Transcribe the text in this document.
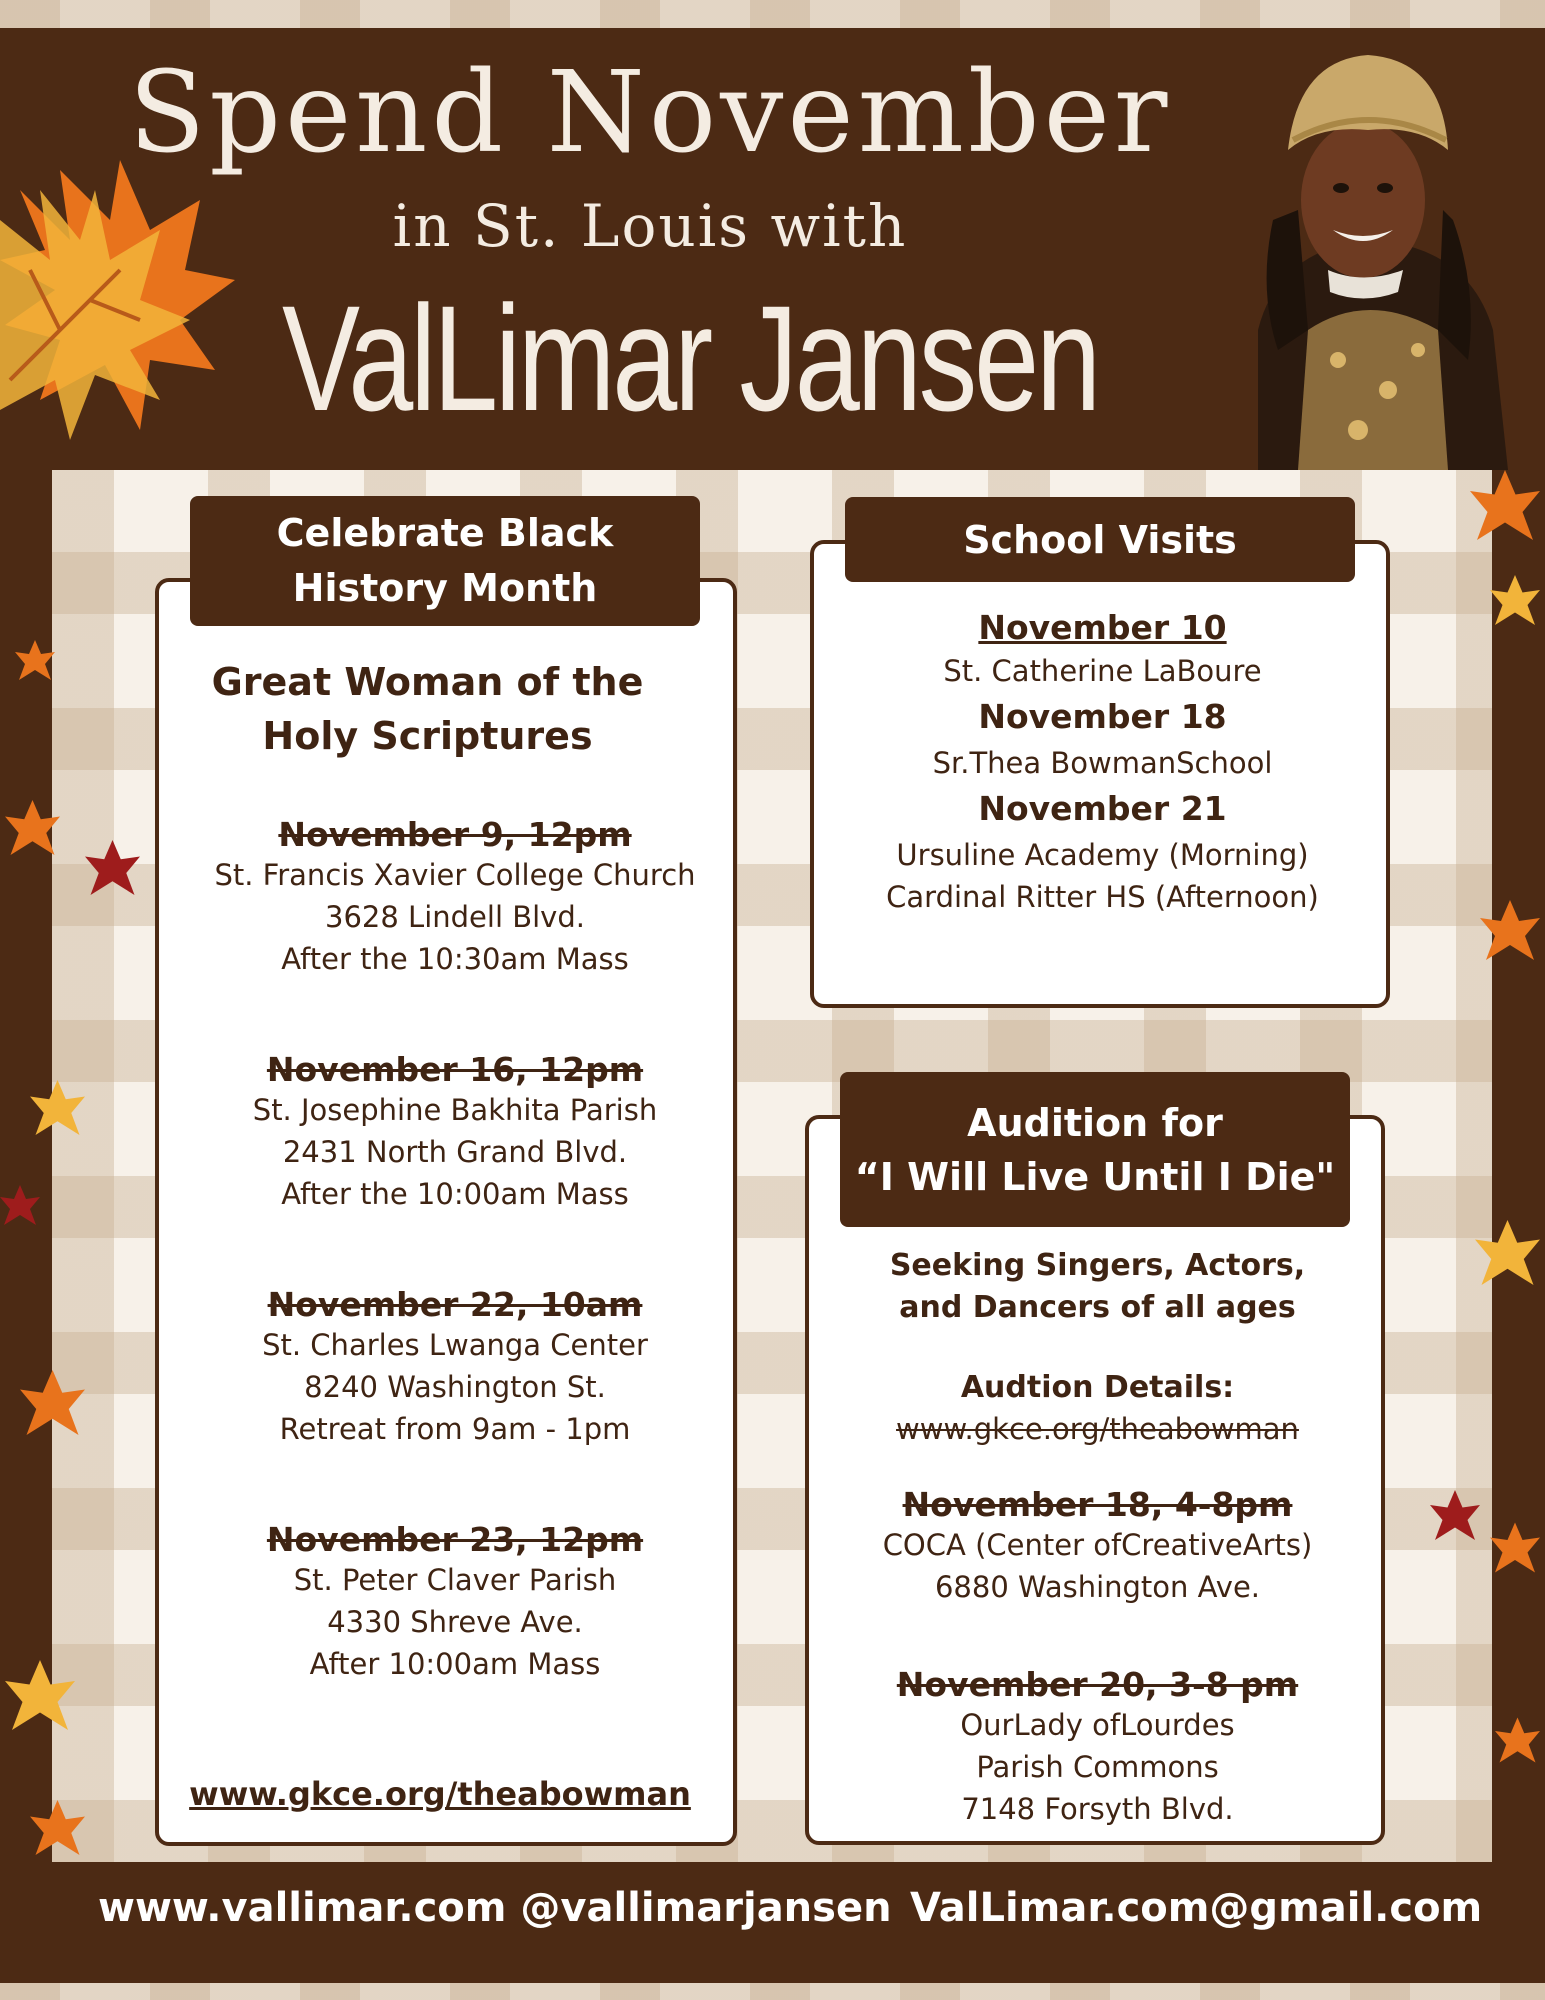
Spend November
in St. Louis with
ValLimar Jansen
Celebrate Black
History Month
Great Woman of the
Holy Scriptures
November 9, 12pm
St. Francis Xavier College Church
3628 Lindell Blvd.
After the 10:30am Mass
November 16, 12pm
St. Josephine Bakhita Parish
2431 North Grand Blvd.
After the 10:00am Mass
November 22, 10am
St. Charles Lwanga Center
8240 Washington St.
Retreat from 9am - 1pm
November 23, 12pm
St. Peter Claver Parish
4330 Shreve Ave.
After 10:00am Mass
www.gkce.org/theabowman
School Visits
November 10
St. Catherine LaBoure
November 18
Sr.Thea BowmanSchool
November 21
Ursuline Academy (Morning)
Cardinal Ritter HS (Afternoon)
Audition for
“I Will Live Until I Die"
Seeking Singers, Actors,
and Dancers of all ages
Audtion Details:
www.gkce.org/theabowman
November 18, 4-8pm
COCA (Center ofCreativeArts)
6880 Washington Ave.
November 20, 3-8 pm
OurLady ofLourdes
Parish Commons
7148 Forsyth Blvd.
www.vallimar.com @vallimarjansen ValLimar.com@gmail.com
